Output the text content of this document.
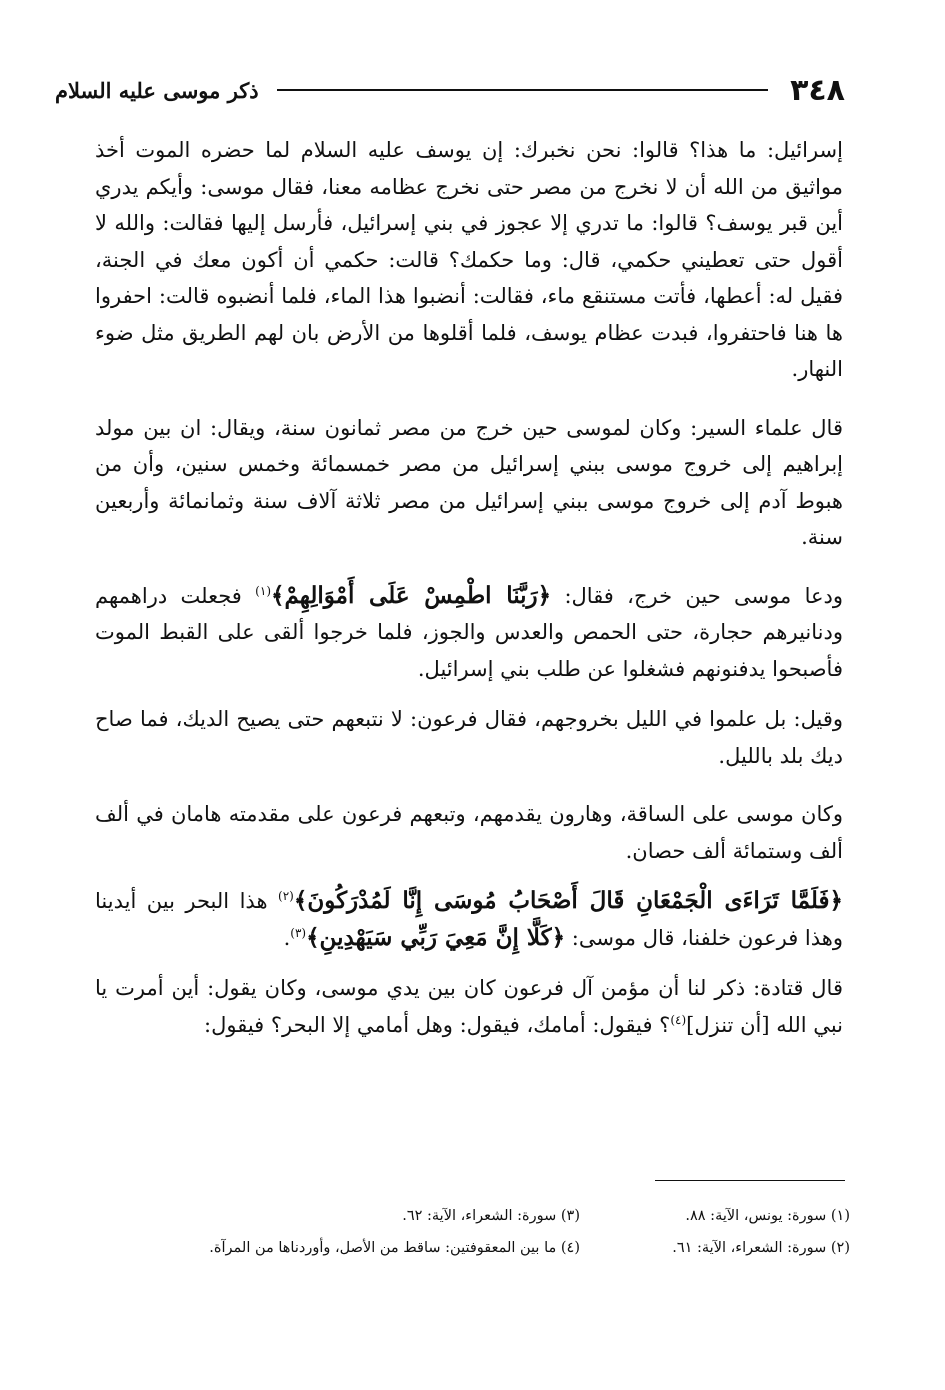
٣٤٨
ذكر موسى عليه السلام

إسرائيل: ما هذا؟ قالوا: نحن نخبرك: إن يوسف عليه السلام لما حضره الموت أخذ مواثيق من الله أن لا نخرج من مصر حتى نخرج عظامه معنا، فقال موسى: وأيكم يدري أين قبر يوسف؟ قالوا: ما تدري إلا عجوز في بني إسرائيل، فأرسل إليها فقالت: والله لا أقول حتى تعطيني حكمي، قال: وما حكمك؟ قالت: حكمي أن أكون معك في الجنة، فقيل له: أعطها، فأتت مستنقع ماء، فقالت: أنضبوا هذا الماء، فلما أنضبوه قالت: احفروا ها هنا فاحتفروا، فبدت عظام يوسف، فلما أقلوها من الأرض بان لهم الطريق مثل ضوء النهار.

قال علماء السير: وكان لموسى حين خرج من مصر ثمانون سنة، ويقال: ان بين مولد إبراهيم إلى خروج موسى ببني إسرائيل من مصر خمسمائة وخمس سنين، وأن من هبوط آدم إلى خروج موسى ببني إسرائيل من مصر ثلاثة آلاف سنة وثمانمائة وأربعين سنة.

ودعا موسى حين خرج، فقال: ﴿رَبَّنَا اطْمِسْ عَلَى أَمْوَالِهِمْ﴾$^{(١)}$ فجعلت دراهمهم ودنانيرهم حجارة، حتى الحمص والعدس والجوز، فلما خرجوا ألقى على القبط الموت فأصبحوا يدفنونهم فشغلوا عن طلب بني إسرائيل.

وقيل: بل علموا في الليل بخروجهم، فقال فرعون: لا نتبعهم حتى يصيح الديك، فما صاح ديك بلد بالليل.

وكان موسى على الساقة، وهارون يقدمهم، وتبعهم فرعون على مقدمته هامان في ألف ألف وستمائة ألف حصان.

﴿فَلَمَّا تَرَاءَى الْجَمْعَانِ قَالَ أَصْحَابُ مُوسَى إِنَّا لَمُدْرَكُونَ﴾$^{(٢)}$ هذا البحر بين أيدينا وهذا فرعون خلفنا، قال موسى: ﴿كَلَّا إِنَّ مَعِيَ رَبِّي سَيَهْدِينِ﴾$^{(٣)}$.

قال قتادة: ذكر لنا أن مؤمن آل فرعون كان بين يدي موسى، وكان يقول: أين أمرت يا نبي الله [أن تنزل]$^{(٤)}$؟ فيقول: أمامك، فيقول: وهل أمامي إلا البحر؟ فيقول:

(١) سورة: يونس، الآية: ٨٨.
(٣) سورة: الشعراء، الآية: ٦٢.
(٢) سورة: الشعراء، الآية: ٦١.
(٤) ما بين المعقوفتين: ساقط من الأصل، وأوردناها من المرآة.
